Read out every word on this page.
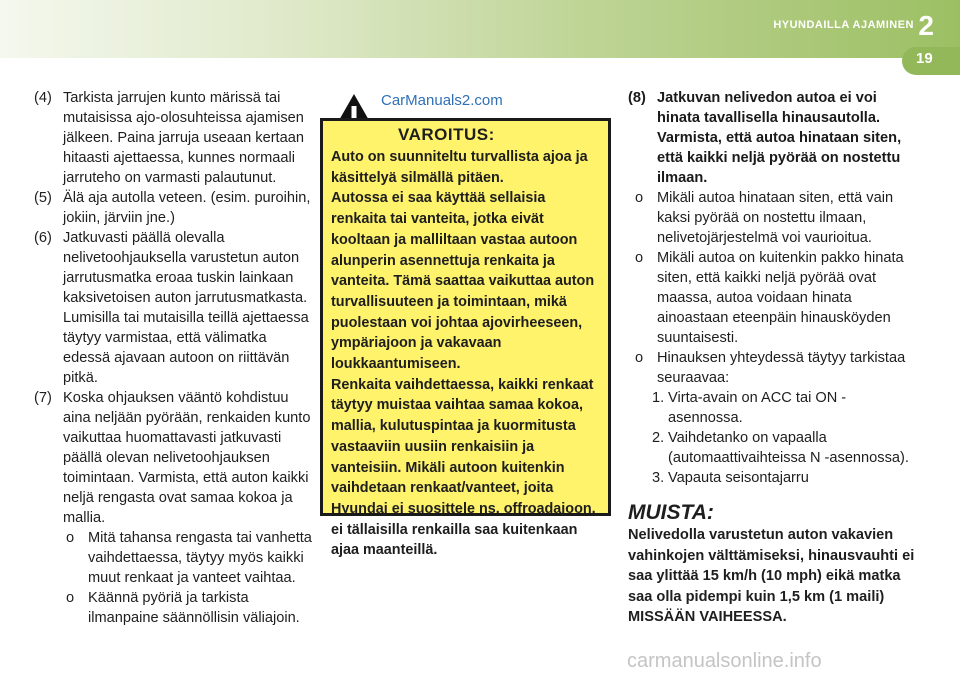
HYUNDAILLA AJAMINEN 2
19
(4) Tarkista jarrujen kunto märissä tai mutaisissa ajo-olosuhteissa ajamisen jälkeen. Paina jarruja useaan kertaan hitaasti ajettaessa, kunnes normaali jarruteho on varmasti palautunut.
(5) Älä aja autolla veteen. (esim. puroihin, jokiin, järviin jne.)
(6) Jatkuvasti päällä olevalla nelivetoohjauksella varustetun auton jarrutusmatka eroaa tuskin lainkaan kaksivetoisen auton jarrutusmatkasta.
Lumisilla tai mutaisilla teillä ajettaessa täytyy varmistaa, että välimatka edessä ajavaan autoon on riittävän pitkä.
(7) Koska ohjauksen vääntö kohdistuu aina neljään pyörään, renkaiden kunto vaikuttaa huomattavasti jatkuvasti päällä olevan nelivetoohjauksen toimintaan. Varmista, että auton kaikki neljä rengasta ovat samaa kokoa ja mallia.
o Mitä tahansa rengasta tai vanhetta vaihdettaessa, täytyy myös kaikki muut renkaat ja vanteet vaihtaa.
o Käännä pyöriä ja tarkista ilmanpaine säännöllisin väliajoin.
CarManuals2.com
VAROITUS:
Auto on suunniteltu turvallista ajoa ja käsittelyä silmällä pitäen.
Autossa ei saa käyttää sellaisia renkaita tai vanteita, jotka eivät kooltaan ja malliltaan vastaa autoon alunperin asennettuja renkaita ja vanteita. Tämä saattaa vaikuttaa auton turvallisuuteen ja toimintaan, mikä puolestaan voi johtaa ajovirheeseen, ympäriajoon ja vakavaan loukkaantumiseen.
Renkaita vaihdettaessa, kaikki renkaat täytyy muistaa vaihtaa samaa kokoa, mallia, kulutuspintaa ja kuormitusta vastaaviin uusiin renkaisiin ja vanteisiin. Mikäli autoon kuitenkin vaihdetaan renkaat/vanteet, joita Hyundai ei suosittele ns. offroadajoon, ei tällaisilla renkailla saa kuitenkaan ajaa maanteillä.
(8) Jatkuvan nelivedon autoa ei voi hinata tavallisella hinausautolla. Varmista, että autoa hinataan siten, että kaikki neljä pyörää on nostettu ilmaan.
o Mikäli autoa hinataan siten, että vain kaksi pyörää on nostettu ilmaan, nelivetojärjestelmä voi vaurioitua.
o Mikäli autoa on kuitenkin pakko hinata siten, että kaikki neljä pyörää ovat maassa, autoa voidaan hinata ainoastaan eteenpäin hinausköyden suuntaisesti.
o Hinauksen yhteydessä täytyy tarkistaa seuraavaa:
1. Virta-avain on ACC tai ON -asennossa.
2. Vaihdetanko on vapaalla (automaattivaihteissa N -asennossa).
3. Vapauta seisontajarru
MUISTA:
Nelivedolla varustetun auton vakavien vahinkojen välttämiseksi, hinausvauhti ei saa ylittää 15 km/h (10 mph) eikä matka saa olla pidempi kuin 1,5 km (1 maili) MISSÄÄN VAIHEESSA.
carmanualsonline.info
